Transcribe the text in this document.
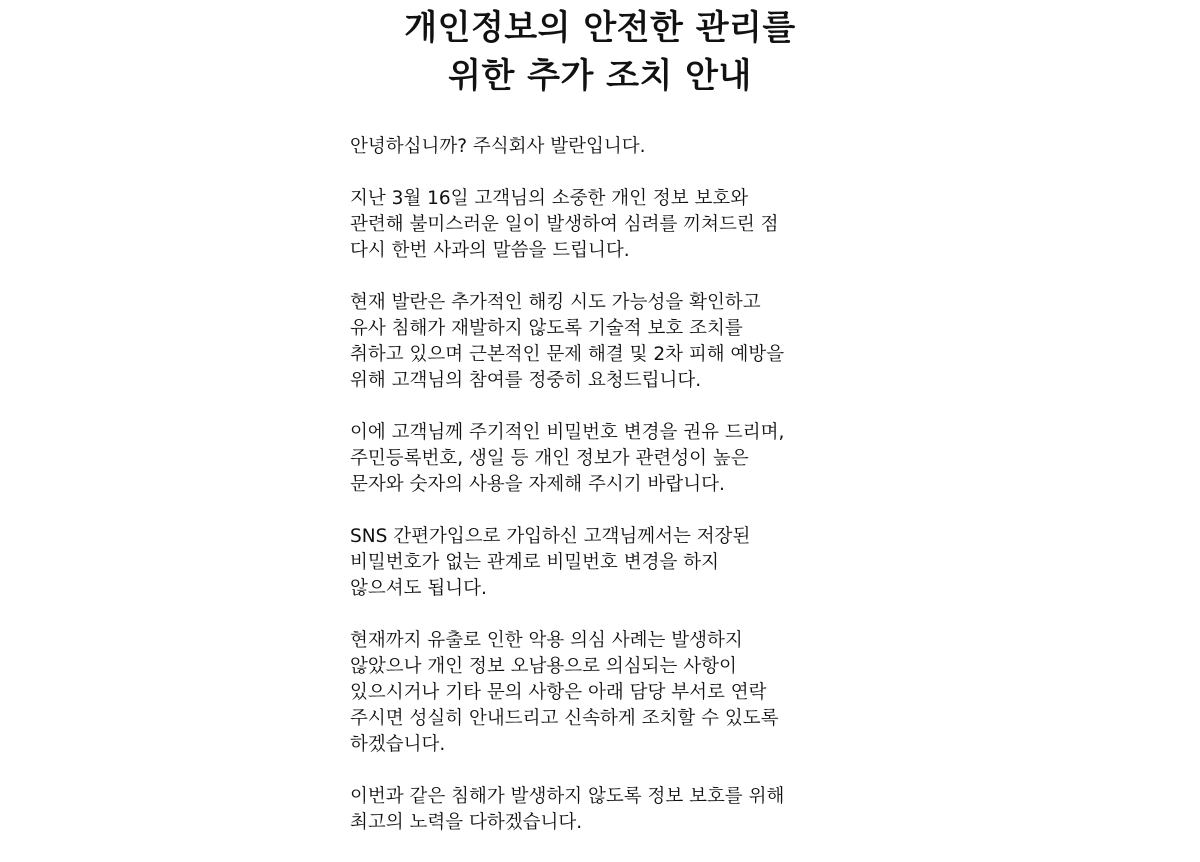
개인정보의 안전한 관리를
위한 추가 조치 안내

안녕하십니까? 주식회사 발란입니다.

지난 3월 16일 고객님의 소중한 개인 정보 보호와
관련해 불미스러운 일이 발생하여 심려를 끼쳐드린 점
다시 한번 사과의 말씀을 드립니다.

현재 발란은 추가적인 해킹 시도 가능성을 확인하고
유사 침해가 재발하지 않도록 기술적 보호 조치를
취하고 있으며 근본적인 문제 해결 및 2차 피해 예방을
위해 고객님의 참여를 정중히 요청드립니다.

이에 고객님께 주기적인 비밀번호 변경을 권유 드리며,
주민등록번호, 생일 등 개인 정보가 관련성이 높은
문자와 숫자의 사용을 자제해 주시기 바랍니다.

SNS 간편가입으로 가입하신 고객님께서는 저장된
비밀번호가 없는 관계로 비밀번호 변경을 하지
않으셔도 됩니다.

현재까지 유출로 인한 악용 의심 사례는 발생하지
않았으나 개인 정보 오남용으로 의심되는 사항이
있으시거나 기타 문의 사항은 아래 담당 부서로 연락
주시면 성실히 안내드리고 신속하게 조치할 수 있도록
하겠습니다.

이번과 같은 침해가 발생하지 않도록 정보 보호를 위해
최고의 노력을 다하겠습니다.
